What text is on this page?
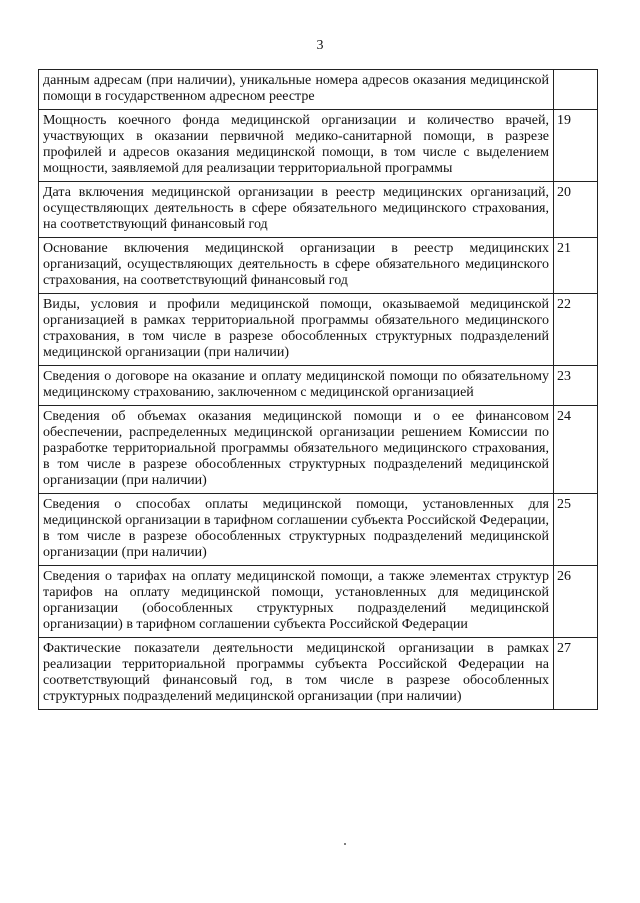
3
данным адресам (при наличии), уникальные номера адресов оказания медицинской помощи в государственном адресном реестре	
Мощность коечного фонда медицинской организации и количество врачей, участвующих в оказании первичной медико-санитарной помощи, в разрезе профилей и адресов оказания медицинской помощи, в том числе с выделением мощности, заявляемой для реализации территориальной программы	19
Дата включения медицинской организации в реестр медицинских организаций, осуществляющих деятельность в сфере обязательного медицинского страхования, на соответствующий финансовый год	20
Основание включения медицинской организации в реестр медицинских организаций, осуществляющих деятельность в сфере обязательного медицинского страхования, на соответствующий финансовый год	21
Виды, условия и профили медицинской помощи, оказываемой медицинской организацией в рамках территориальной программы обязательного медицинского страхования, в том числе в разрезе обособленных структурных подразделений медицинской организации (при наличии)	22
Сведения о договоре на оказание и оплату медицинской помощи по обязательному медицинскому страхованию, заключенном с медицинской организацией	23
Сведения об объемах оказания медицинской помощи и о ее финансовом обеспечении, распределенных медицинской организации решением Комиссии по разработке территориальной программы обязательного медицинского страхования, в том числе в разрезе обособленных структурных подразделений медицинской организации (при наличии)	24
Сведения о способах оплаты медицинской помощи, установленных для медицинской организации в тарифном соглашении субъекта Российской Федерации, в том числе в разрезе обособленных структурных подразделений медицинской организации (при наличии)	25
Сведения о тарифах на оплату медицинской помощи, а также элементах структур тарифов на оплату медицинской помощи, установленных для медицинской организации (обособленных структурных подразделений медицинской организации) в тарифном соглашении субъекта Российской Федерации	26
Фактические показатели деятельности медицинской организации в рамках реализации территориальной программы субъекта Российской Федерации на соответствующий финансовый год, в том числе в разрезе обособленных структурных подразделений медицинской организации (при наличии)	27
